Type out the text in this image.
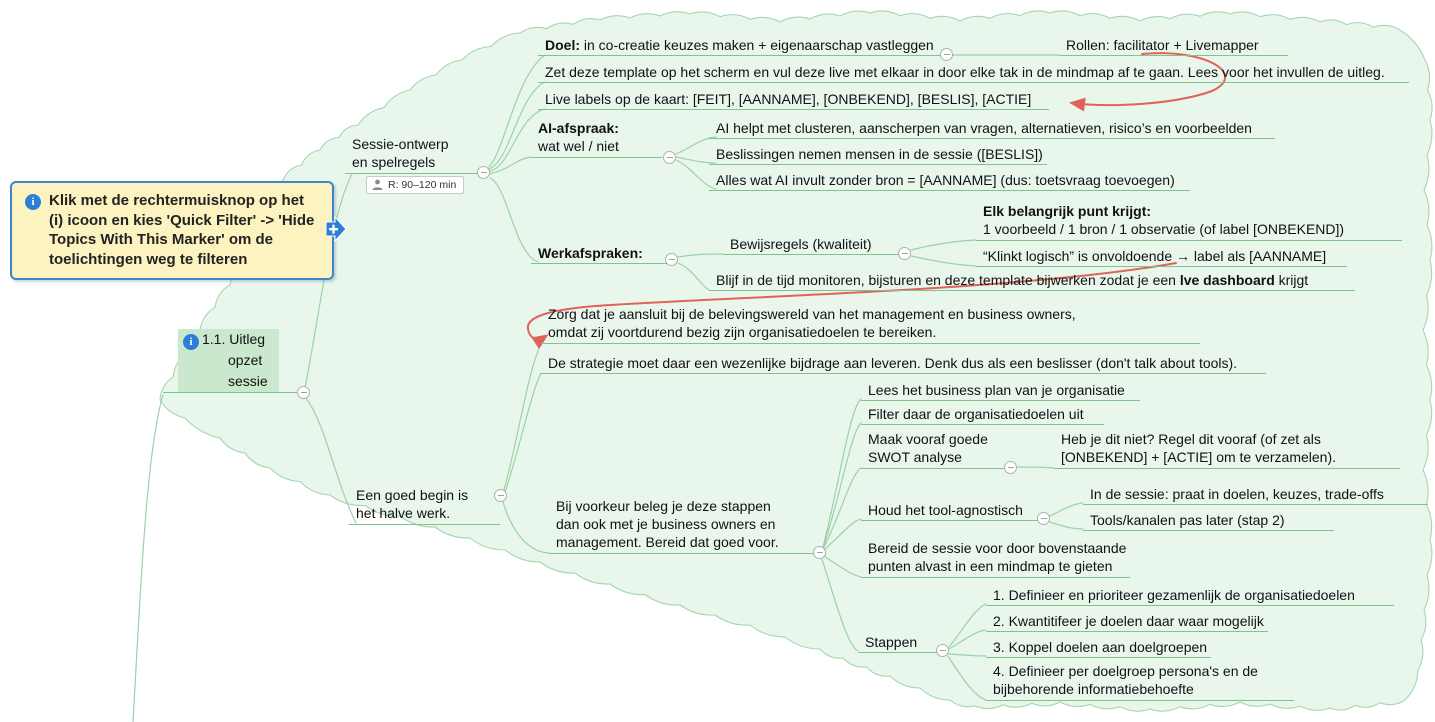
i Klik met de rechtermuisknop op het (i) icoon en kies 'Quick Filter' -> 'Hide Topics With This Marker' om de toelichtingen weg te filteren
i 1.1. Uitleg
opzet
sessie
Sessie-ontwerp
en spelregels
R: 90–120 min
Doel: in co-creatie keuzes maken + eigenaarschap vastleggen	Rollen: facilitator + Livemapper
Zet deze template op het scherm en vul deze live met elkaar in door elke tak in de mindmap af te gaan. Lees voor het invullen de uitleg.
Live labels op de kaart: [FEIT], [AANNAME], [ONBEKEND], [BESLIS], [ACTIE]
AI-afspraak:
wat wel / niet
AI helpt met clusteren, aanscherpen van vragen, alternatieven, risico’s en voorbeelden
Beslissingen nemen mensen in de sessie ([BESLIS])
Alles wat AI invult zonder bron = [AANNAME] (dus: toetsvraag toevoegen)
Werkafspraken:
Bewijsregels (kwaliteit)
Elk belangrijk punt krijgt:
1 voorbeeld / 1 bron / 1 observatie (of label [ONBEKEND])
“Klinkt logisch” is onvoldoende → label als [AANNAME]
Blijf in de tijd monitoren, bijsturen en deze template bijwerken zodat je een lve dashboard krijgt
Een goed begin is
het halve werk.
Zorg dat je aansluit bij de belevingswereld van het management en business owners,
omdat zij voortdurend bezig zijn organisatiedoelen te bereiken.
De strategie moet daar een wezenlijke bijdrage aan leveren. Denk dus als een beslisser (don't talk about tools).
Bij voorkeur beleg je deze stappen
dan ook met je business owners en
management. Bereid dat goed voor.
Lees het business plan van je organisatie
Filter daar de organisatiedoelen uit
Maak vooraf goede
SWOT analyse
Heb je dit niet? Regel dit vooraf (of zet als
[ONBEKEND] + [ACTIE] om te verzamelen).
Houd het tool-agnostisch
In de sessie: praat in doelen, keuzes, trade-offs
Tools/kanalen pas later (stap 2)
Bereid de sessie voor door bovenstaande
punten alvast in een mindmap te gieten
Stappen
1. Definieer en prioriteer gezamenlijk de organisatiedoelen
2. Kwantitifeer je doelen daar waar mogelijk
3. Koppel doelen aan doelgroepen
4. Definieer per doelgroep persona's en de
bijbehorende informatiebehoefte
